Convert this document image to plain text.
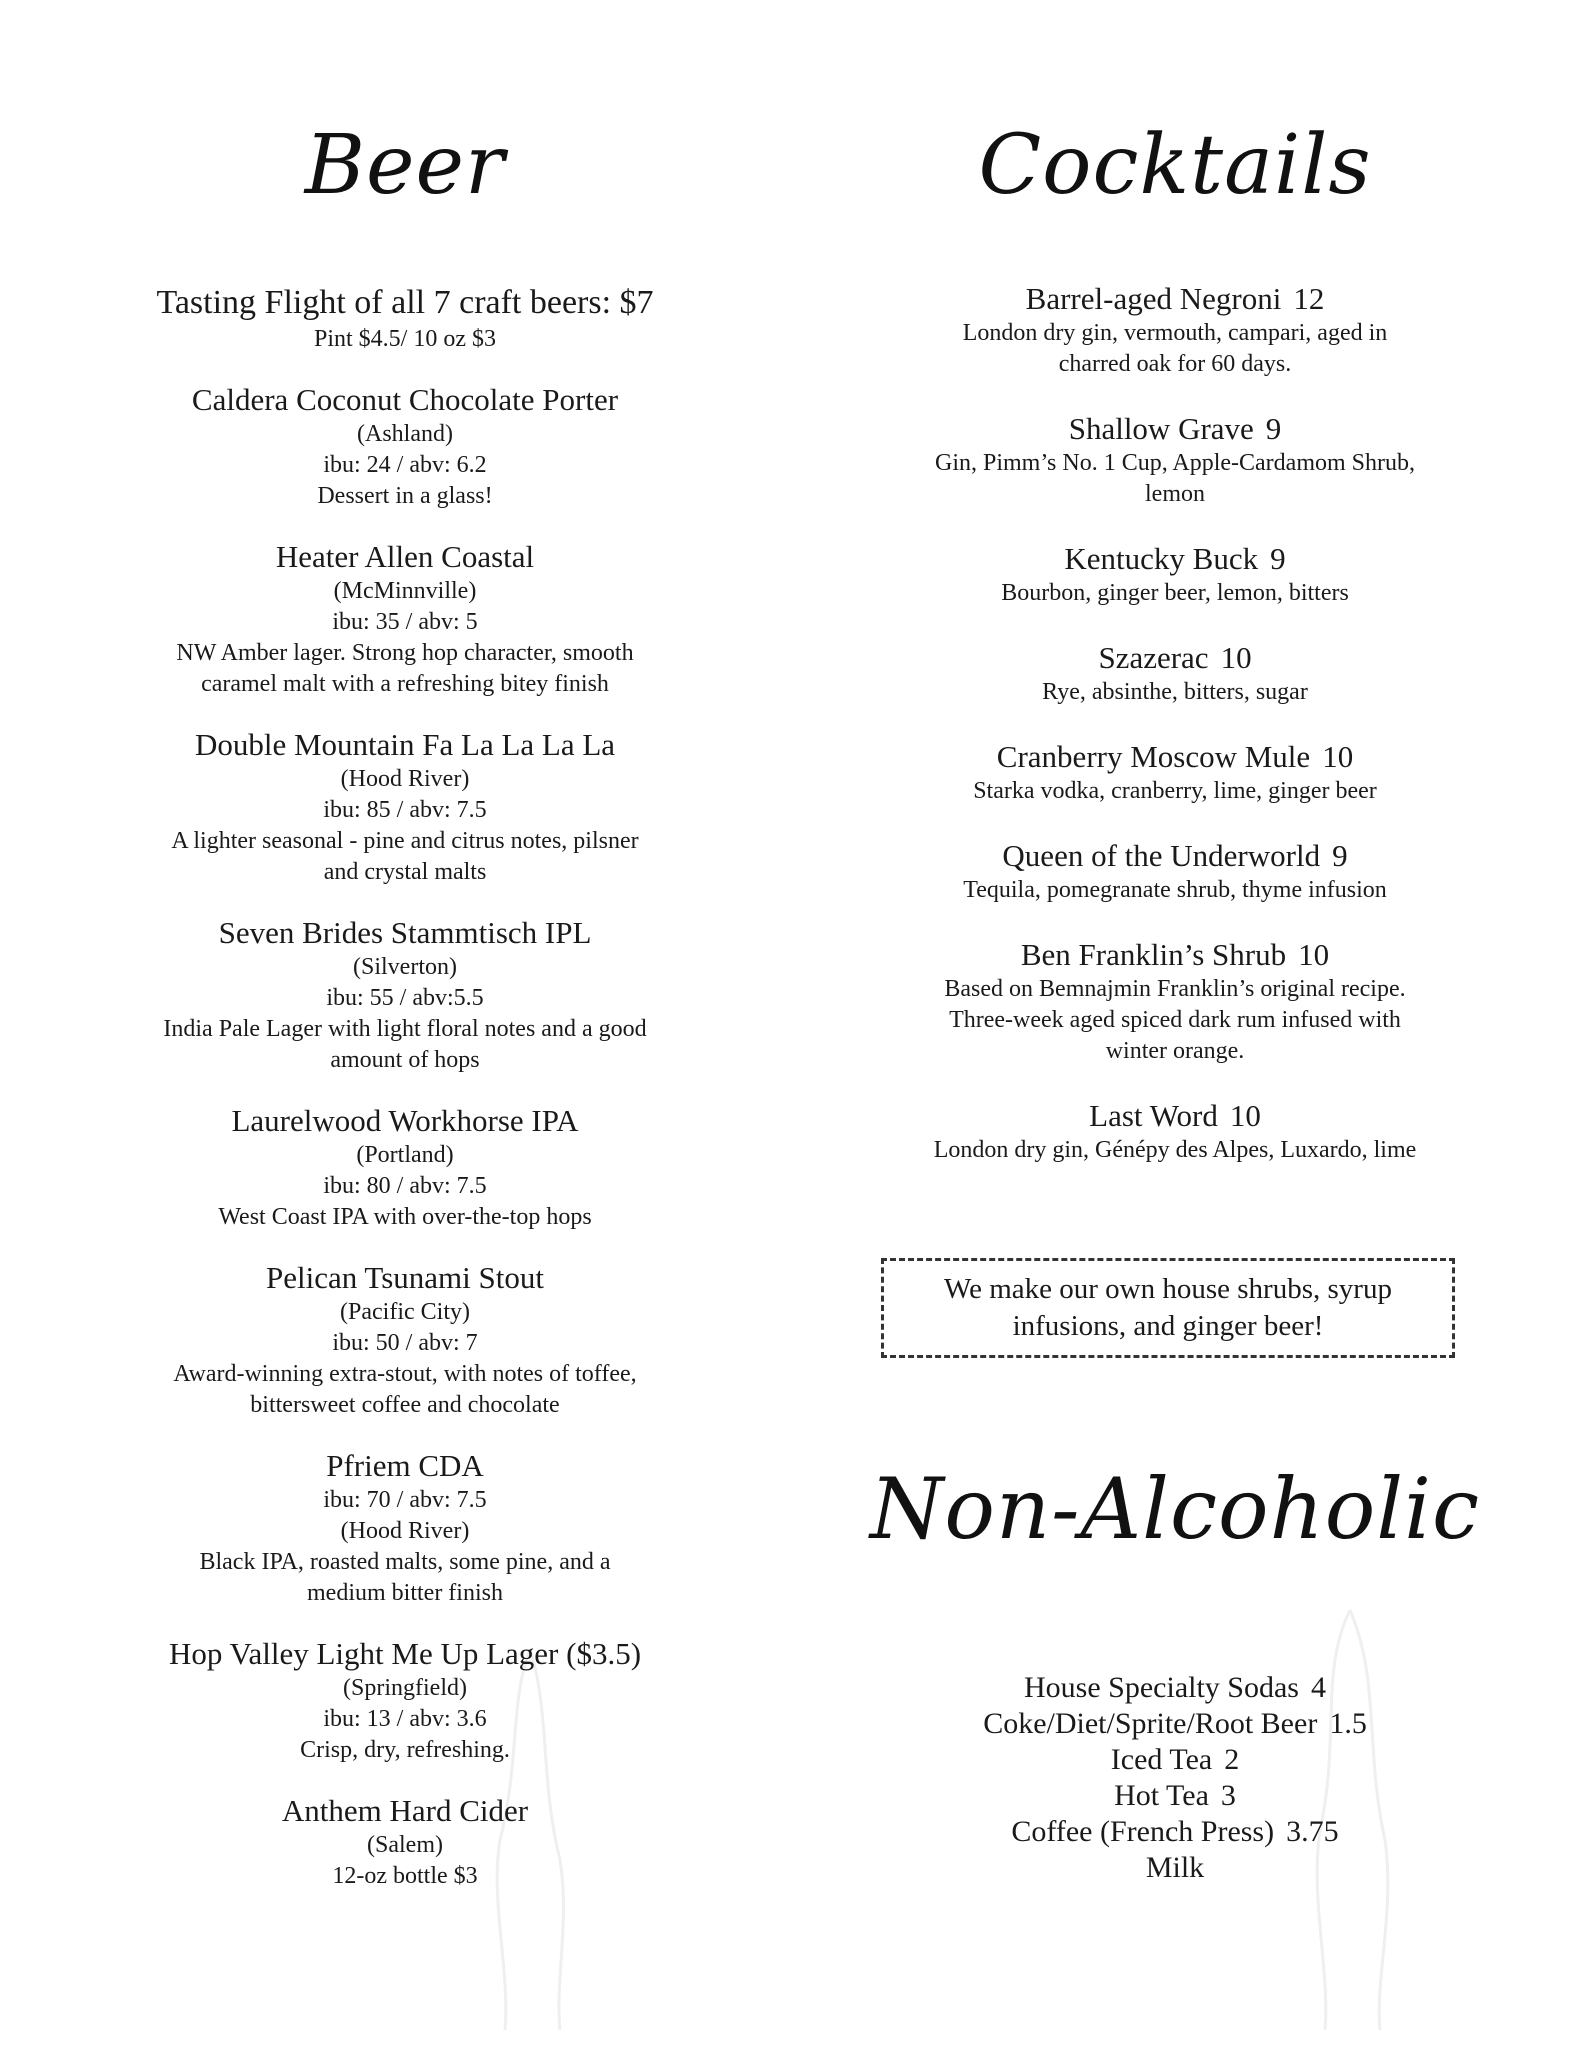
Beer	Cocktails
Non-Alcoholic
Tasting Flight of all 7 craft beers: $7
Pint $4.5/ 10 oz $3
Caldera Coconut Chocolate Porter
(Ashland)
ibu: 24 / abv: 6.2
Dessert in a glass!
Heater Allen Coastal
(McMinnville)
ibu: 35 / abv: 5
NW Amber lager. Strong hop character, smooth
caramel malt with a refreshing bitey finish
Double Mountain Fa La La La La
(Hood River)
ibu: 85 / abv: 7.5
A lighter seasonal - pine and citrus notes, pilsner
and crystal malts
Seven Brides Stammtisch IPL
(Silverton)
ibu: 55 / abv:5.5
India Pale Lager with light floral notes and a good
amount of hops
Laurelwood Workhorse IPA
(Portland)
ibu: 80 / abv: 7.5
West Coast IPA with over-the-top hops
Pelican Tsunami Stout
(Pacific City)
ibu: 50 / abv: 7
Award-winning extra-stout, with notes of toffee,
bittersweet coffee and chocolate
Pfriem CDA
ibu: 70 / abv: 7.5
(Hood River)
Black IPA, roasted malts, some pine, and a
medium bitter finish
Hop Valley Light Me Up Lager ($3.5)
(Springfield)
ibu: 13 / abv: 3.6
Crisp, dry, refreshing.
Anthem Hard Cider
(Salem)
12-oz bottle $3
Barrel-aged Negroni 12
London dry gin, vermouth, campari, aged in
charred oak for 60 days.
Shallow Grave 9
Gin, Pimm’s No. 1 Cup, Apple-Cardamom Shrub,
lemon
Kentucky Buck 9
Bourbon, ginger beer, lemon, bitters
Szazerac 10
Rye, absinthe, bitters, sugar
Cranberry Moscow Mule 10
Starka vodka, cranberry, lime, ginger beer
Queen of the Underworld 9
Tequila, pomegranate shrub, thyme infusion
Ben Franklin’s Shrub 10
Based on Bemnajmin Franklin’s original recipe.
Three-week aged spiced dark rum infused with
winter orange.
Last Word 10
London dry gin, Génépy des Alpes, Luxardo, lime
We make our own house shrubs, syrup
infusions, and ginger beer!
House Specialty Sodas 4
Coke/Diet/Sprite/Root Beer 1.5
Iced Tea 2
Hot Tea 3
Coffee (French Press) 3.75
Milk
